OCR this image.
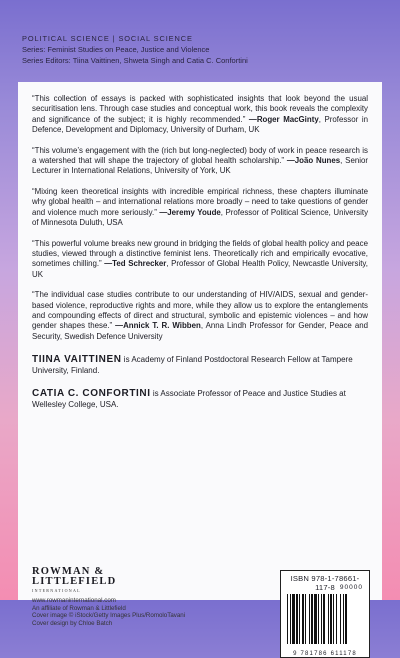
POLITICAL SCIENCE | SOCIAL SCIENCE
Series: Feminist Studies on Peace, Justice and Violence
Series Editors: Tiina Vaittinen, Shweta Singh and Catia C. Confortini

“This collection of essays is packed with sophisticated insights that look beyond the usual securitisation lens. Through case studies and conceptual work, this book reveals the complexity and significance of the subject; it is highly recommended.” —Roger MacGinty, Professor in Defence, Development and Diplomacy, University of Durham, UK

“This volume’s engagement with the (rich but long-neglected) body of work in peace research is a watershed that will shape the trajectory of global health scholarship.” —João Nunes, Senior Lecturer in International Relations, University of York, UK

“Mixing keen theoretical insights with incredible empirical richness, these chapters illuminate why global health – and international relations more broadly – need to take questions of gender and violence much more seriously.” —Jeremy Youde, Professor of Political Science, University of Minnesota Duluth, USA

“This powerful volume breaks new ground in bridging the fields of global health policy and peace studies, viewed through a distinctive feminist lens. Theoretically rich and empirically evocative, sometimes chilling.” —Ted Schrecker, Professor of Global Health Policy, Newcastle University, UK

“The individual case studies contribute to our understanding of HIV/AIDS, sexual and gender-based violence, reproductive rights and more, while they allow us to explore the entanglements and compounding effects of direct and structural, symbolic and epistemic violences – and how gender shapes these.” —Annick T. R. Wibben, Anna Lindh Professor for Gender, Peace and Security, Swedish Defence University

TIINA VAITTINEN is Academy of Finland Postdoctoral Research Fellow at Tampere University, Finland.

CATIA C. CONFORTINI is Associate Professor of Peace and Justice Studies at Wellesley College, USA.

ROWMAN &
LITTLEFIELD
INTERNATIONAL
www.rowmaninternational.com
An affiliate of Rowman & Littlefield
Cover image © iStock/Getty Images Plus/RomoloTavani
Cover design by Chloe Batch
ISBN 978-1-78661-117-8 90000
9 781786 611178
